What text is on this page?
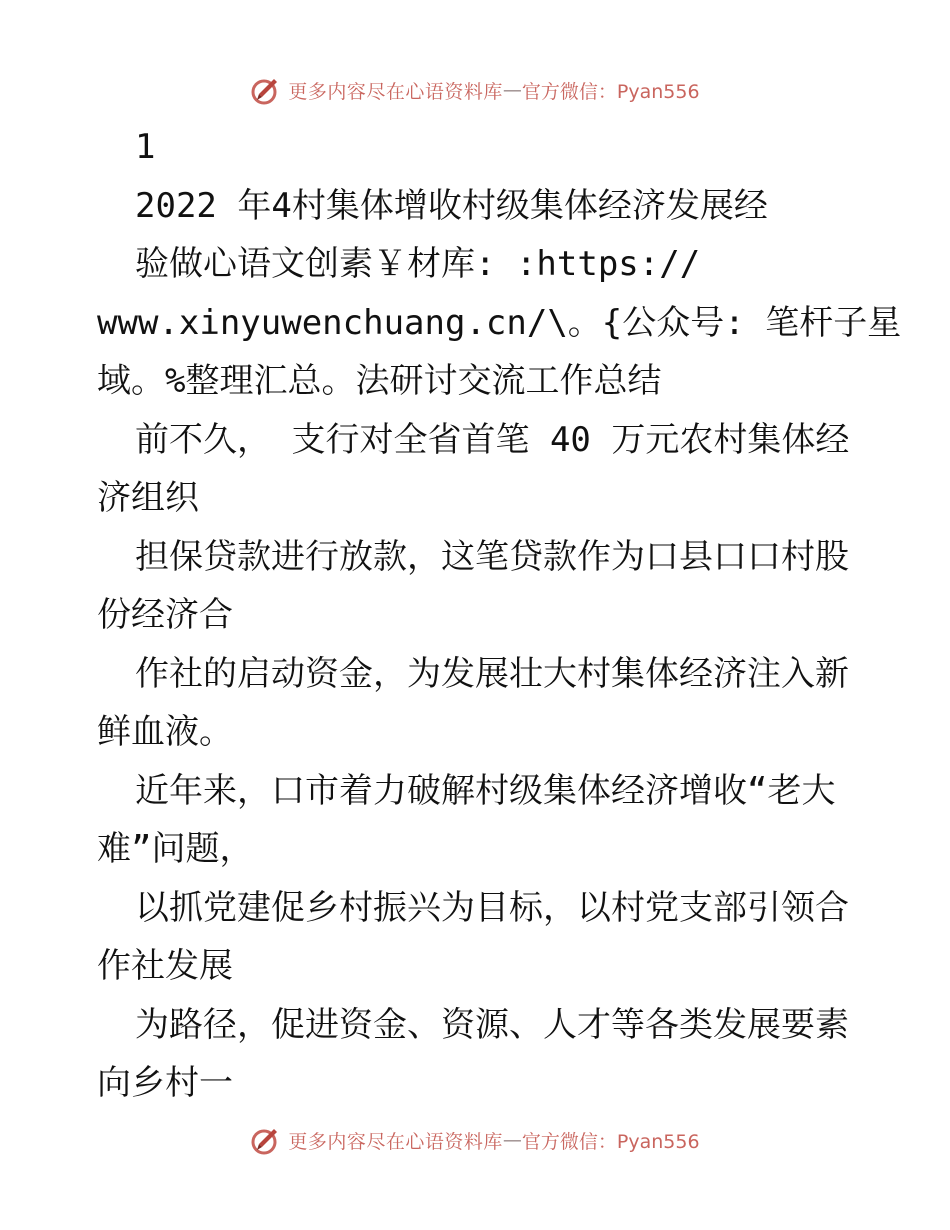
更多内容尽在心语资料库 — 官方微信：Pyan556
1
2022 年4村集体增收村级集体经济发展经
验做心语文创素￥材库: :https://
www.xinyuwenchuang.cn/\。{公众号: 笔杆子星
域。%整理汇总。法研讨交流工作总结
前不久， 支行对全省首笔 40 万元农村集体经
济组织
担保贷款进行放款，这笔贷款作为口县口口村股
份经济合
作社的启动资金，为发展壮大村集体经济注入新
鲜血液。
近年来，口市着力破解村级集体经济增收“老大
难”问题，
以抓党建促乡村振兴为目标，以村党支部引领合
作社发展
为路径，促进资金、资源、人才等各类发展要素
向乡村一
更多内容尽在心语资料库 — 官方微信：Pyan556
